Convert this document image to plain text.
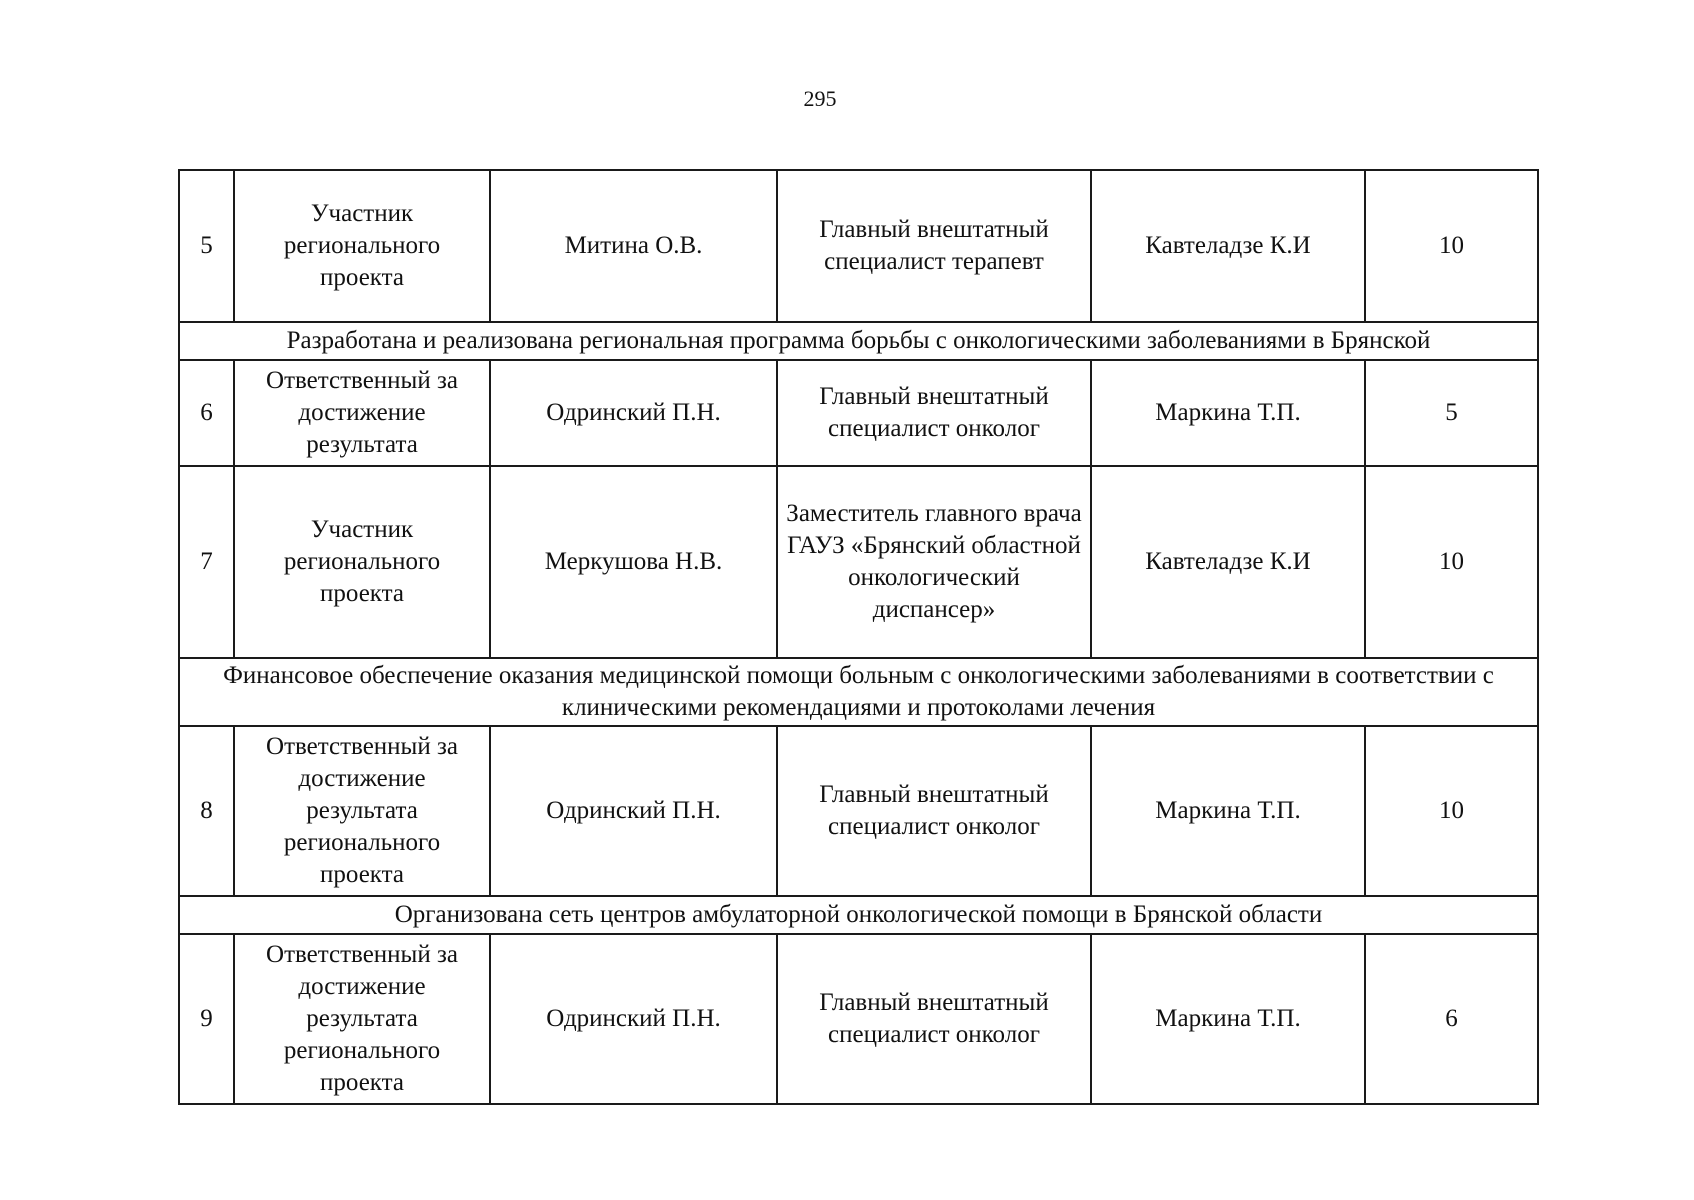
295
5	Участник регионального проекта	Митина О.В.	Главный внештатный специалист терапевт	Кавтеладзе К.И	10
Разработана и реализована региональная программа борьбы с онкологическими заболеваниями в Брянской					
6	Ответственный за достижение результата	Одринский П.Н.	Главный внештатный специалист онколог	Маркина Т.П.	5
7	Участник регионального проекта	Меркушова Н.В.	Заместитель главного врача ГАУЗ «Брянский областной онкологический диспансер»	Кавтеладзе К.И	10
Финансовое обеспечение оказания медицинской помощи больным с онкологическими заболеваниями в соответствии с клиническими рекомендациями и протоколами лечения					
8	Ответственный за достижение результата регионального проекта	Одринский П.Н.	Главный внештатный специалист онколог	Маркина Т.П.	10
Организована сеть центров амбулаторной онкологической помощи в Брянской области					
9	Ответственный за достижение результата регионального проекта	Одринский П.Н.	Главный внештатный специалист онколог	Маркина Т.П.	6
